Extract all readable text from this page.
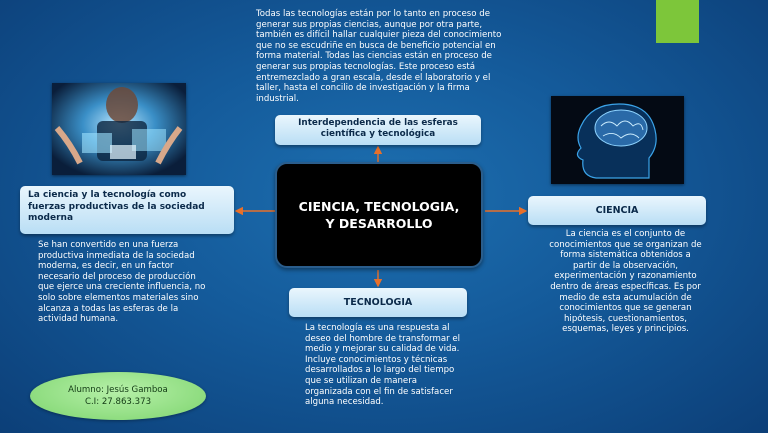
Todas las tecnologías están por lo tanto en proceso de generar sus propias ciencias, aunque por otra parte, también es difícil hallar cualquier pieza del conocimiento que no se escudriñe en busca de beneficio potencial en forma material. Todas las ciencias están en proceso de generar sus propias tecnologías. Este proceso está entremezclado a gran escala, desde el laboratorio y el taller, hasta el concilio de investigación y la firma industrial.
Interdependencia de las esferas científica y tecnológica
CIENCIA, TECNOLOGIA, Y DESARROLLO
La ciencia y la tecnología como fuerzas productivas de la sociedad moderna
Se han convertido en una fuerza productiva inmediata de la sociedad moderna, es decir, en un factor necesario del proceso de producción que ejerce una creciente influencia, no solo sobre elementos materiales sino alcanza a todas las esferas de la actividad humana.
CIENCIA
La ciencia es el conjunto de conocimientos que se organizan de forma sistemática obtenidos a partir de la observación, experimentación y razonamiento dentro de áreas específicas. Es por medio de esta acumulación de conocimientos que se generan hipótesis, cuestionamientos, esquemas, leyes y principios.
TECNOLOGIA
La tecnología es una respuesta al deseo del hombre de transformar el medio y mejorar su calidad de vida. Incluye conocimientos y técnicas desarrollados a lo largo del tiempo que se utilizan de manera organizada con el fin de satisfacer alguna necesidad.
Alumno: Jesús Gamboa
C.I: 27.863.373
